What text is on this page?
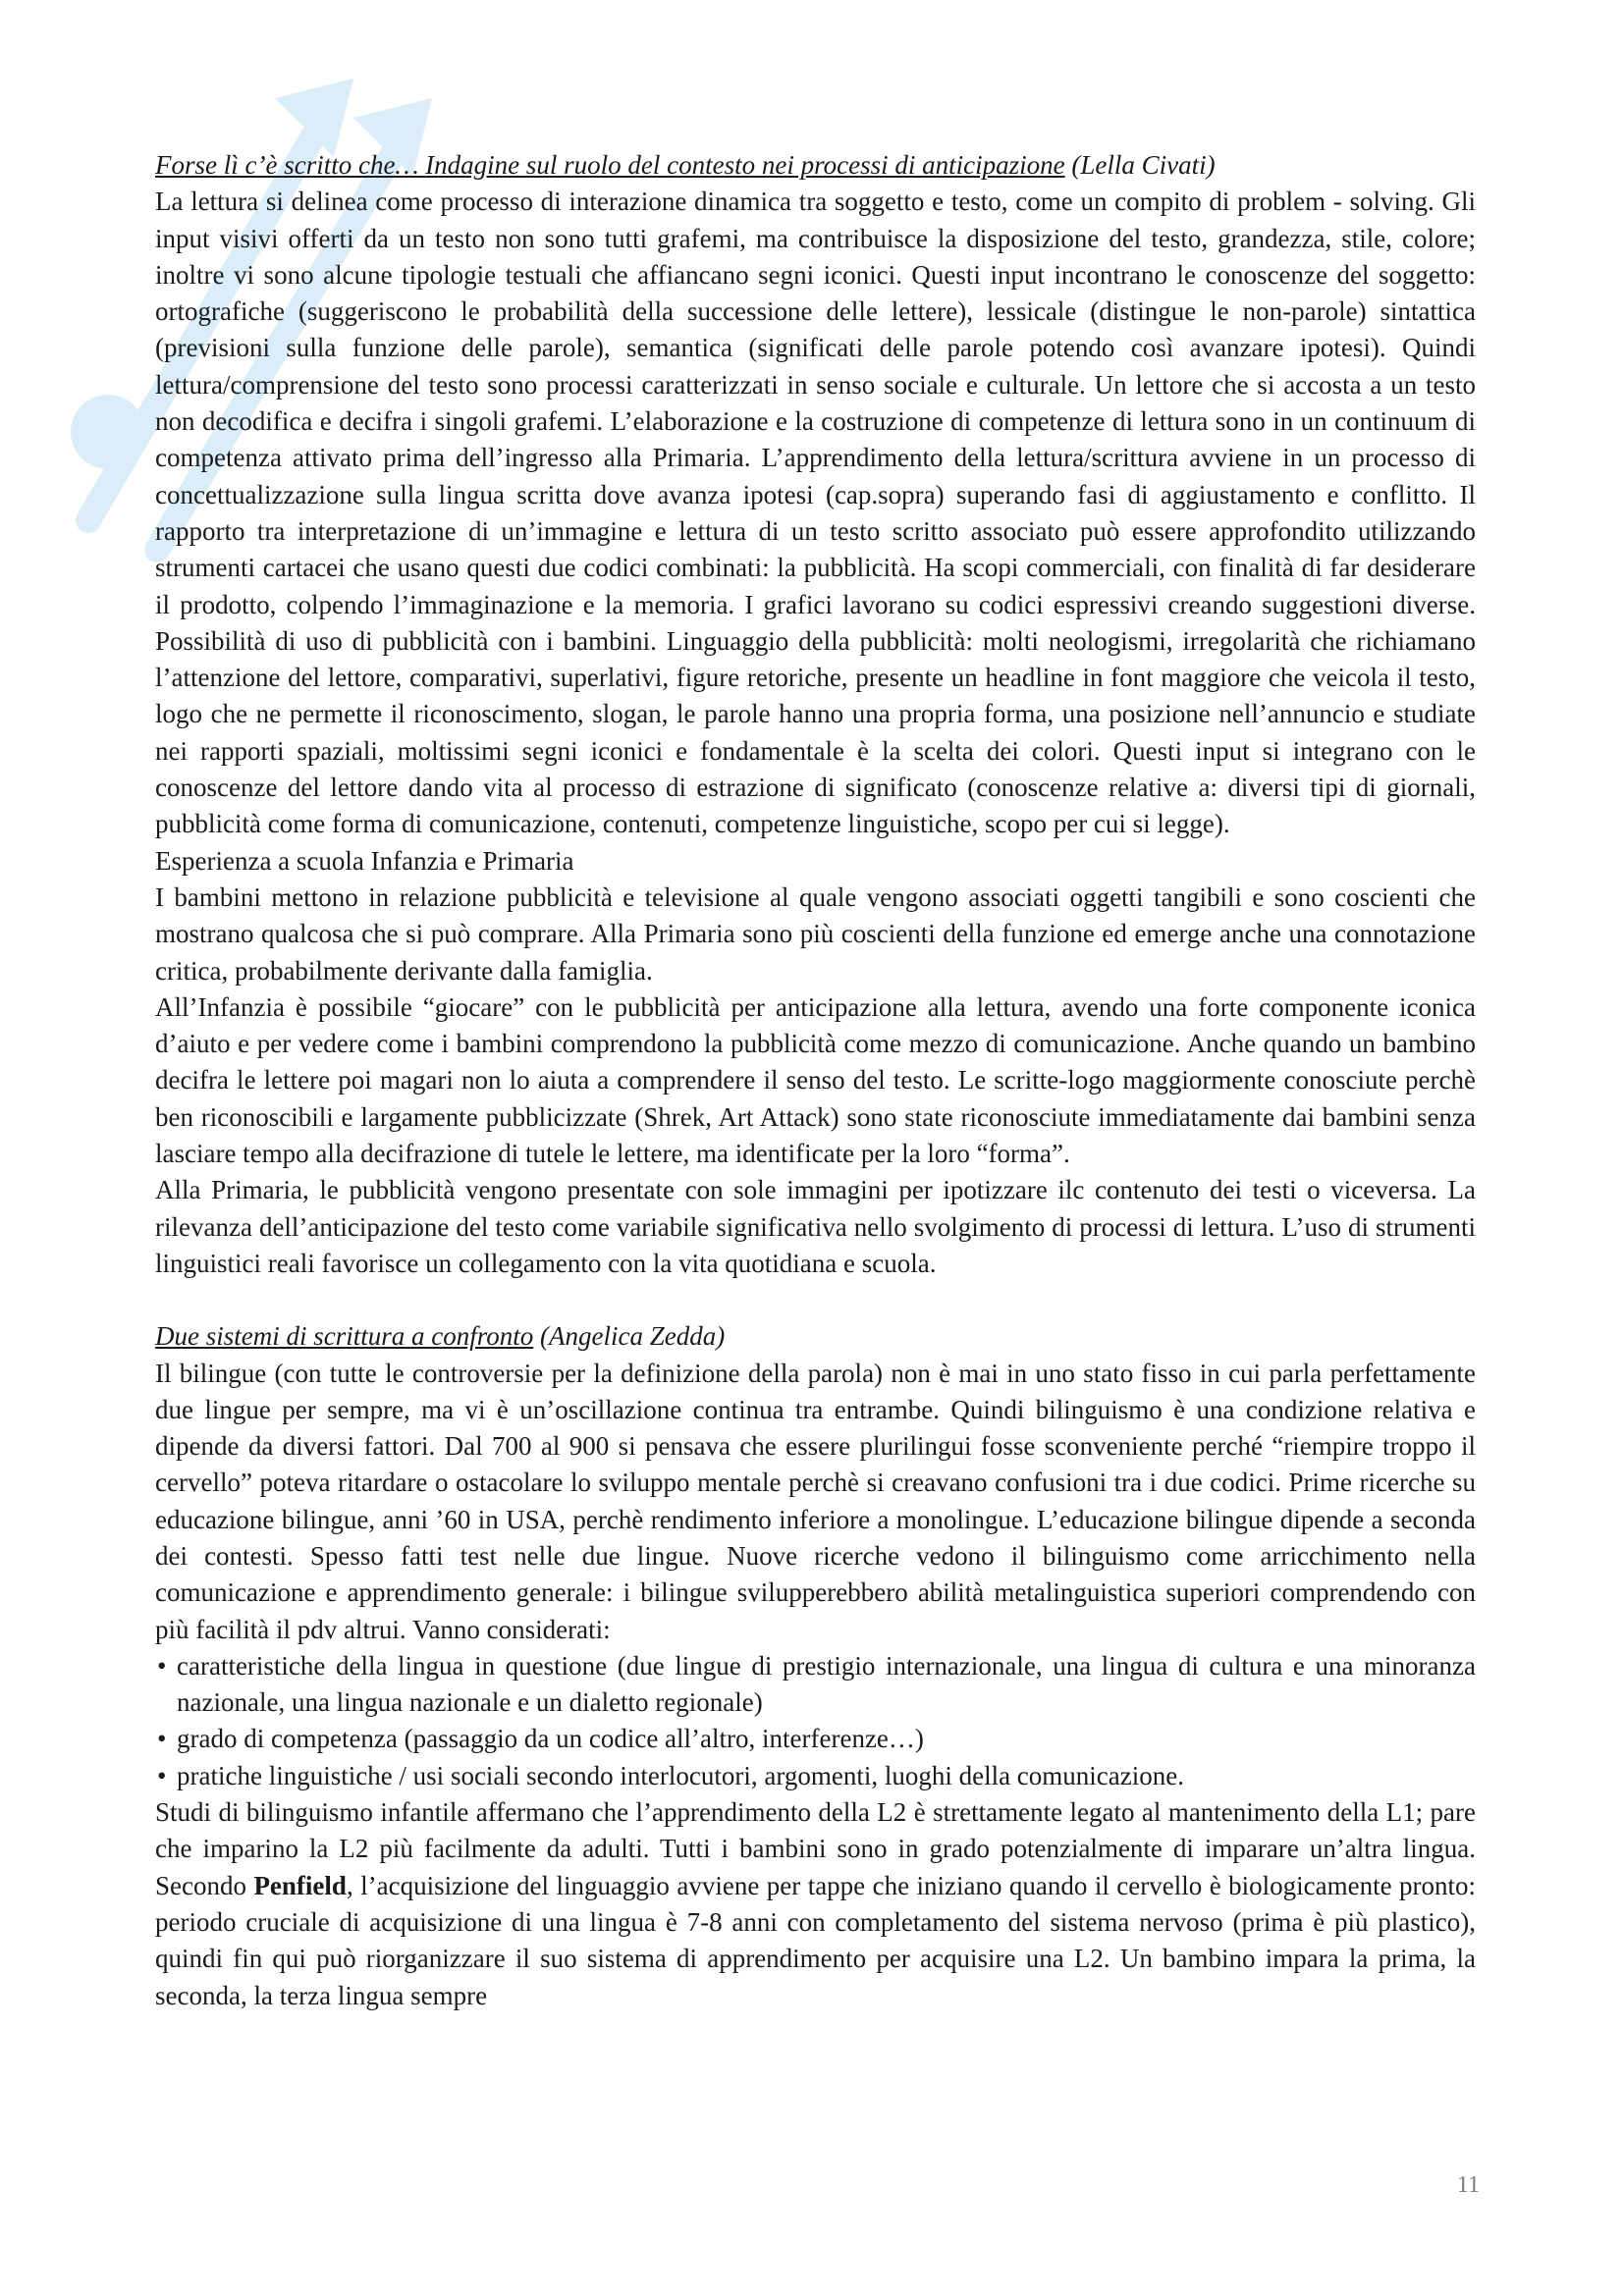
Forse lì c’è scritto che… Indagine sul ruolo del contesto nei processi di anticipazione (Lella Civati)

La lettura si delinea come processo di interazione dinamica tra soggetto e testo, come un compito di problem - solving. Gli input visivi offerti da un testo non sono tutti grafemi, ma contribuisce la disposizione del testo, grandezza, stile, colore; inoltre vi sono alcune tipologie testuali che affiancano segni iconici. Questi input incontrano le conoscenze del soggetto: ortografiche (suggeriscono le probabilità della successione delle lettere), lessicale (distingue le non-parole) sintattica (previsioni sulla funzione delle parole), semantica (significati delle parole potendo così avanzare ipotesi). Quindi lettura/comprensione del testo sono processi caratterizzati in senso sociale e culturale. Un lettore che si accosta a un testo non decodifica e decifra i singoli grafemi. L’elaborazione e la costruzione di competenze di lettura sono in un continuum di competenza attivato prima dell’ingresso alla Primaria. L’apprendimento della lettura/scrittura avviene in un processo di concettualizzazione sulla lingua scritta dove avanza ipotesi (cap.sopra) superando fasi di aggiustamento e conflitto. Il rapporto tra interpretazione di un’immagine e lettura di un testo scritto associato può essere approfondito utilizzando strumenti cartacei che usano questi due codici combinati: la pubblicità. Ha scopi commerciali, con finalità di far desiderare il prodotto, colpendo l’immaginazione e la memoria. I grafici lavorano su codici espressivi creando suggestioni diverse. Possibilità di uso di pubblicità con i bambini. Linguaggio della pubblicità: molti neologismi, irregolarità che richiamano l’attenzione del lettore, comparativi, superlativi, figure retoriche, presente un headline in font maggiore che veicola il testo, logo che ne permette il riconoscimento, slogan, le parole hanno una propria forma, una posizione nell’annuncio e studiate nei rapporti spaziali, moltissimi segni iconici e fondamentale è la scelta dei colori. Questi input si integrano con le conoscenze del lettore dando vita al processo di estrazione di significato (conoscenze relative a: diversi tipi di giornali, pubblicità come forma di comunicazione, contenuti, competenze linguistiche, scopo per cui si legge).

Esperienza a scuola Infanzia e Primaria

I bambini mettono in relazione pubblicità e televisione al quale vengono associati oggetti tangibili e sono coscienti che mostrano qualcosa che si può comprare. Alla Primaria sono più coscienti della funzione ed emerge anche una connotazione critica, probabilmente derivante dalla famiglia.

All’Infanzia è possibile “giocare” con le pubblicità per anticipazione alla lettura, avendo una forte componente iconica d’aiuto e per vedere come i bambini comprendono la pubblicità come mezzo di comunicazione. Anche quando un bambino decifra le lettere poi magari non lo aiuta a comprendere il senso del testo. Le scritte-logo maggiormente conosciute perchè ben riconoscibili e largamente pubblicizzate (Shrek, Art Attack) sono state riconosciute immediatamente dai bambini senza lasciare tempo alla decifrazione di tutele le lettere, ma identificate per la loro “forma”.

Alla Primaria, le pubblicità vengono presentate con sole immagini per ipotizzare ilc contenuto dei testi o viceversa. La rilevanza dell’anticipazione del testo come variabile significativa nello svolgimento di processi di lettura. L’uso di strumenti linguistici reali favorisce un collegamento con la vita quotidiana e scuola.

Due sistemi di scrittura a confronto (Angelica Zedda)

Il bilingue (con tutte le controversie per la definizione della parola) non è mai in uno stato fisso in cui parla perfettamente due lingue per sempre, ma vi è un’oscillazione continua tra entrambe. Quindi bilinguismo è una condizione relativa e dipende da diversi fattori. Dal 700 al 900 si pensava che essere plurilingui fosse sconveniente perché “riempire troppo il cervello” poteva ritardare o ostacolare lo sviluppo mentale perchè si creavano confusioni tra i due codici. Prime ricerche su educazione bilingue, anni ’60 in USA, perchè rendimento inferiore a monolingue. L’educazione bilingue dipende a seconda dei contesti. Spesso fatti test nelle due lingue. Nuove ricerche vedono il bilinguismo come arricchimento nella comunicazione e apprendimento generale: i bilingue svilupperebbero abilità metalinguistica superiori comprendendo con più facilità il pdv altrui. Vanno considerati:

• caratteristiche della lingua in questione (due lingue di prestigio internazionale, una lingua di cultura e una minoranza nazionale, una lingua nazionale e un dialetto regionale)
• grado di competenza (passaggio da un codice all’altro, interferenze…)
• pratiche linguistiche / usi sociali secondo interlocutori, argomenti, luoghi della comunicazione.

Studi di bilinguismo infantile affermano che l’apprendimento della L2 è strettamente legato al mantenimento della L1; pare che imparino la L2 più facilmente da adulti. Tutti i bambini sono in grado potenzialmente di imparare un’altra lingua. Secondo Penfield, l’acquisizione del linguaggio avviene per tappe che iniziano quando il cervello è biologicamente pronto: periodo cruciale di acquisizione di una lingua è 7-8 anni con completamento del sistema nervoso (prima è più plastico), quindi fin qui può riorganizzare il suo sistema di apprendimento per acquisire una L2. Un bambino impara la prima, la seconda, la terza lingua sempre

11
